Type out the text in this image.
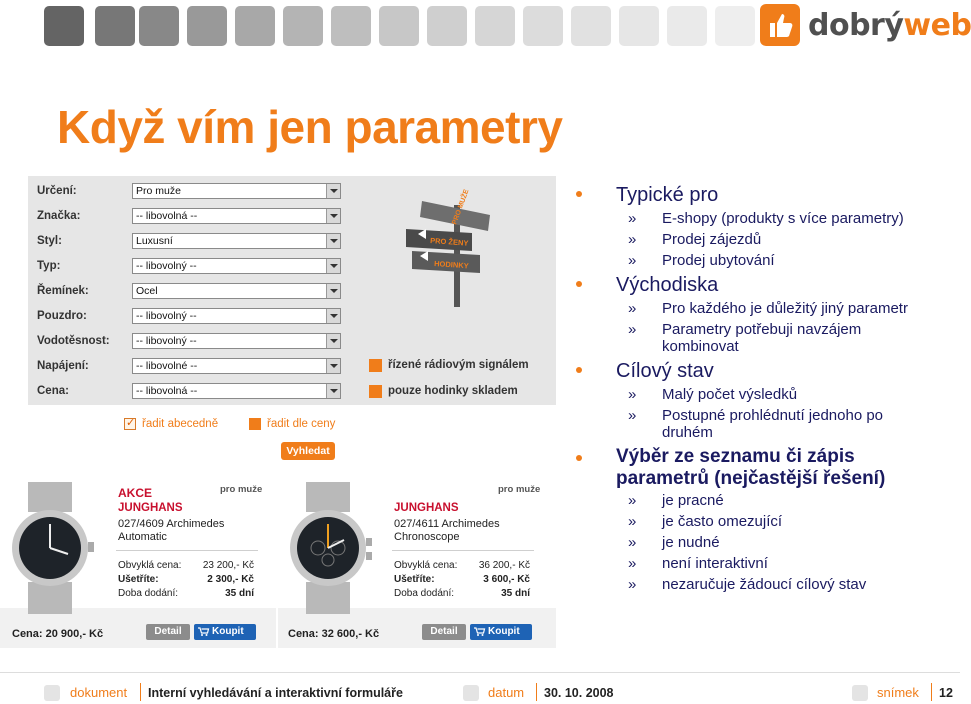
dobrýweb
Když vím jen parametry
Určení:	Pro muže
Značka:	-- libovolná --
Styl:	Luxusní
Typ:	-- libovolný --
Řemínek:	Ocel
Pouzdro:	-- libovolný --
Vodotěsnost:	-- libovolný --
Napájení:	-- libovolné --
Cena:	-- libovolná --
řízené rádiovým signálem
pouze hodinky skladem
PRO MUŽE
PRO ŽENY
HODINKY
✓
řadit abecedně	řadit dle ceny
Vyhledat
AKCE	pro muže
JUNGHANS
027/4609 Archimedes
Automatic
Obvyklá cena:	23 200,- Kč
Ušetříte:	2 300,- Kč
Doba dodání:	35 dní
Cena: 20 900,- Kč	Detail	Koupit
pro muže
JUNGHANS
027/4611 Archimedes
Chronoscope
Obvyklá cena:	36 200,- Kč
Ušetříte:	3 600,- Kč
Doba dodání:	35 dní
Cena: 32 600,- Kč	Detail	Koupit
Typické pro
» E-shopy (produkty s více parametry)
» Prodej zájezdů
» Prodej ubytování
Východiska
» Pro každého je důležitý jiný parametr
» Parametry potřebuji navzájem
kombinovat
Cílový stav
» Malý počet výsledků
» Postupné prohlédnutí jednoho po
druhém
Výběr ze seznamu či zápis
parametrů (nejčastější řešení)
» je pracné
» je často omezující
» je nudné
» není interaktivní
» nezaručuje žádoucí cílový stav
dokument Interní vyhledávání a interaktivní formuláře	datum 30. 10. 2008	snímek 12
